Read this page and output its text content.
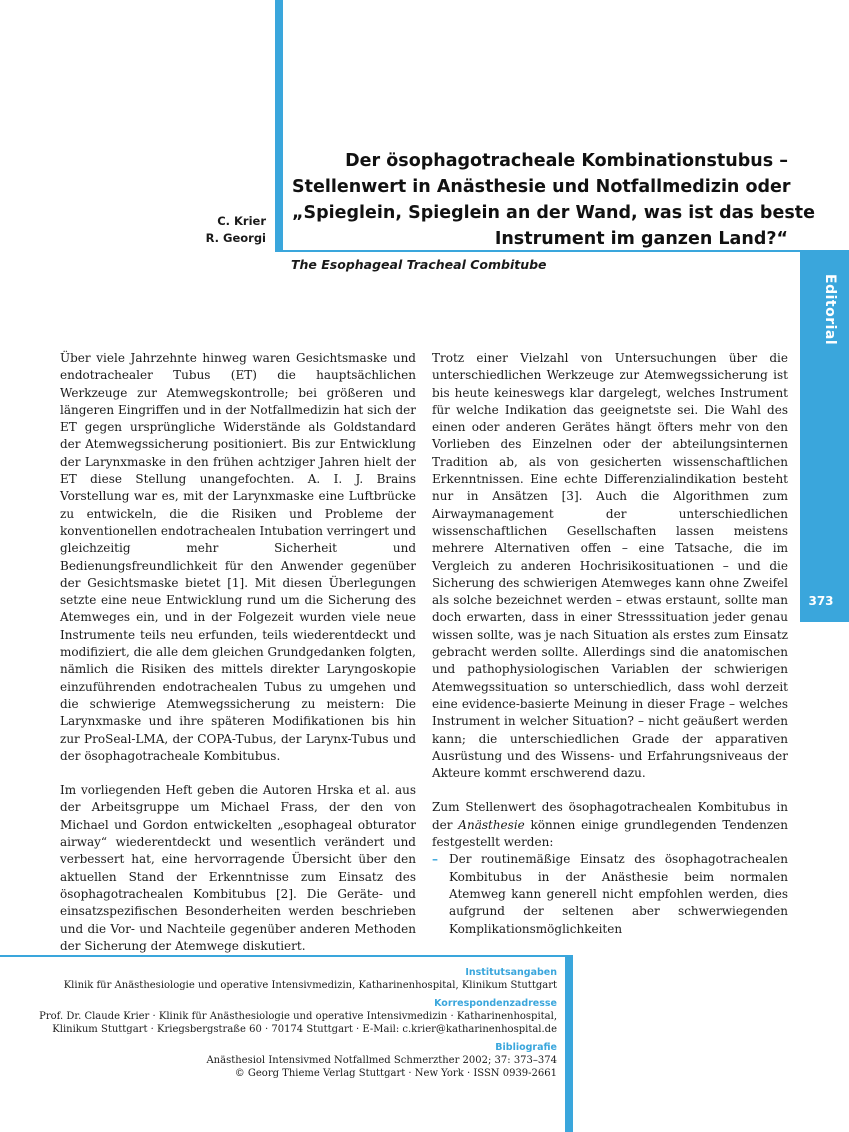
Editorial
373
C. Krier
R. Georgi
Der ösophagotracheale Kombinationstubus –
Stellenwert in Anästhesie und Notfallmedizin oder
„Spieglein, Spieglein an der Wand, was ist das beste
Instrument im ganzen Land?“
The Esophageal Tracheal Combitube

Über viele Jahrzehnte hinweg waren Gesichtsmaske und endotrachealer Tubus (ET) die hauptsächlichen Werkzeuge zur Atemwegskontrolle; bei größeren und längeren Eingriffen und in der Notfallmedizin hat sich der ET gegen ursprüngliche Widerstände als Goldstandard der Atemwegssicherung positioniert. Bis zur Entwicklung der Larynxmaske in den frühen achtziger Jahren hielt der ET diese Stellung unangefochten. A. I. J. Brains Vorstellung war es, mit der Larynxmaske eine Luftbrücke zu entwickeln, die die Risiken und Probleme der konventionellen endotrachealen Intubation verringert und gleichzeitig mehr Sicherheit und Bedienungsfreundlichkeit für den Anwender gegenüber der Gesichtsmaske bietet [1]. Mit diesen Überlegungen setzte eine neue Entwicklung rund um die Sicherung des Atemweges ein, und in der Folgezeit wurden viele neue Instrumente teils neu erfunden, teils wiederentdeckt und modifiziert, die alle dem gleichen Grundgedanken folgten, nämlich die Risiken des mittels direkter Laryngoskopie einzuführenden endotrachealen Tubus zu umgehen und die schwierige Atemwegssicherung zu meistern: Die Larynxmaske und ihre späteren Modifikationen bis hin zur ProSeal-LMA, der COPA-Tubus, der Larynx-Tubus und der ösophagotracheale Kombitubus.

Im vorliegenden Heft geben die Autoren Hrska et al. aus der Arbeitsgruppe um Michael Frass, der den von Michael und Gordon entwickelten „esophageal obturator airway“ wiederentdeckt und wesentlich verändert und verbessert hat, eine hervorragende Übersicht über den aktuellen Stand der Erkenntnisse zum Einsatz des ösophagotrachealen Kombitubus [2]. Die Geräte- und einsatzspezifischen Besonderheiten werden beschrieben und die Vor- und Nachteile gegenüber anderen Methoden der Sicherung der Atemwege diskutiert.

Trotz einer Vielzahl von Untersuchungen über die unterschiedlichen Werkzeuge zur Atemwegssicherung ist bis heute keineswegs klar dargelegt, welches Instrument für welche Indikation das geeignetste sei. Die Wahl des einen oder anderen Gerätes hängt öfters mehr von den Vorlieben des Einzelnen oder der abteilungsinternen Tradition ab, als von gesicherten wissenschaftlichen Erkenntnissen. Eine echte Differenzialindikation besteht nur in Ansätzen [3]. Auch die Algorithmen zum Airwaymanagement der unterschiedlichen wissenschaftlichen Gesellschaften lassen meistens mehrere Alternativen offen – eine Tatsache, die im Vergleich zu anderen Hochrisikosituationen – und die Sicherung des schwierigen Atemweges kann ohne Zweifel als solche bezeichnet werden – etwas erstaunt, sollte man doch erwarten, dass in einer Stresssituation jeder genau wissen sollte, was je nach Situation als erstes zum Einsatz gebracht werden sollte. Allerdings sind die anatomischen und pathophysiologischen Variablen der schwierigen Atemwegssituation so unterschiedlich, dass wohl derzeit eine evidence-basierte Meinung in dieser Frage – welches Instrument in welcher Situation? – nicht geäußert werden kann; die unterschiedlichen Grade der apparativen Ausrüstung und des Wissens- und Erfahrungsniveaus der Akteure kommt erschwerend dazu.

Zum Stellenwert des ösophagotrachealen Kombitubus in der Anästhesie können einige grundlegenden Tendenzen festgestellt werden:

– Der routinemäßige Einsatz des ösophagotrachealen Kombitubus in der Anästhesie beim normalen Atemweg kann generell nicht empfohlen werden, dies aufgrund der seltenen aber schwerwiegenden Komplikationsmöglichkeiten
Institutsangaben
Klinik für Anästhesiologie und operative Intensivmedizin, Katharinenhospital, Klinikum Stuttgart
Korrespondenzadresse
Prof. Dr. Claude Krier · Klinik für Anästhesiologie und operative Intensivmedizin · Katharinenhospital,
Klinikum Stuttgart · Kriegsbergstraße 60 · 70174 Stuttgart · E-Mail: c.krier@katharinenhospital.de
Bibliografie
Anästhesiol Intensivmed Notfallmed Schmerzther 2002; 37: 373–374
© Georg Thieme Verlag Stuttgart · New York · ISSN 0939-2661
